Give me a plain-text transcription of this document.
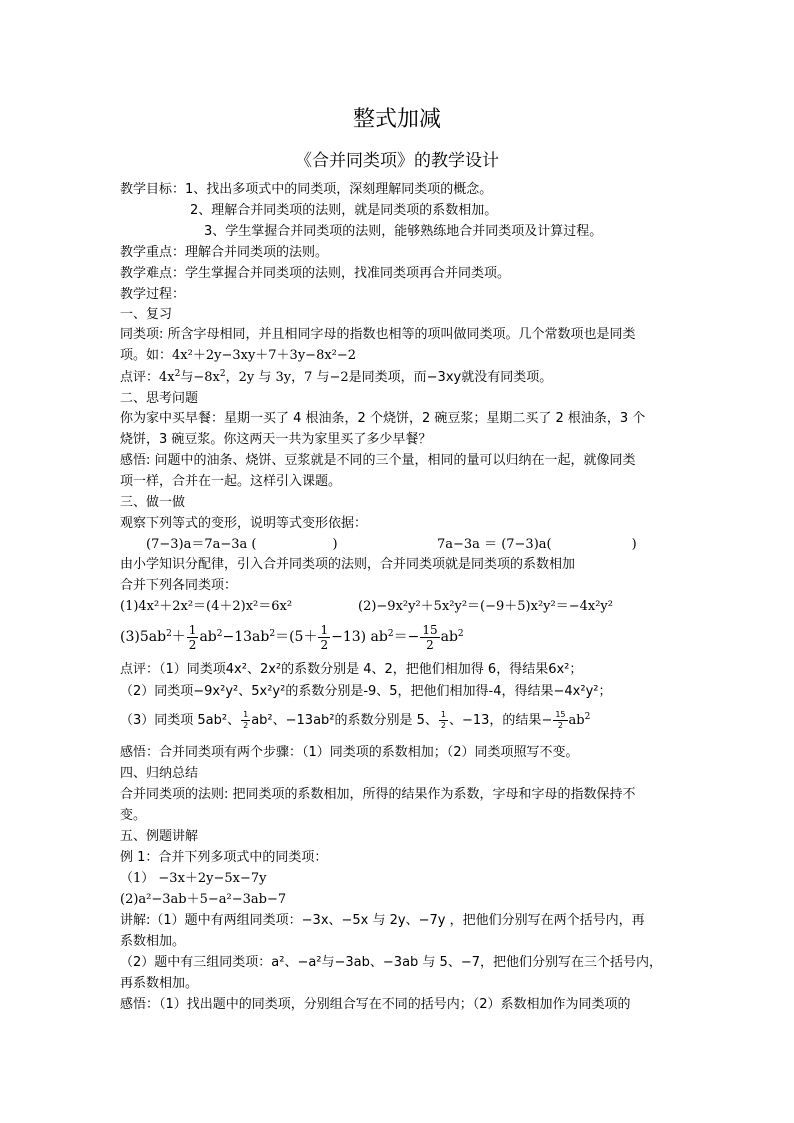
整式加减
《合并同类项》的教学设计
教学目标：1、找出多项式中的同类项，深刻理解同类项的概念。
2、理解合并同类项的法则，就是同类项的系数相加。
3、学生掌握合并同类项的法则，能够熟练地合并同类项及计算过程。
教学重点：理解合并同类项的法则。
教学难点：学生掌握合并同类项的法则，找准同类项再合并同类项。
教学过程：
一、复习
同类项: 所含字母相同，并且相同字母的指数也相等的项叫做同类项。几个常数项也是同类
项。如：4x²＋2y−3xy＋7＋3y−8x²−2
点评：$4x^2$与$-8x^2$，2y 与 3y，7 与−2是同类项，而−3xy就没有同类项。
二、思考问题
你为家中买早餐：星期一买了 4 根油条，2 个烧饼，2 碗豆浆；星期二买了 2 根油条，3 个
烧饼，3 碗豆浆。你这两天一共为家里买了多少早餐？
感悟: 问题中的油条、烧饼、豆浆就是不同的三个量，相同的量可以归纳在一起，就像同类
项一样，合并在一起。这样引入课题。
三、做一做
观察下列等式的变形，说明等式变形依据：
(7−3)a＝7a−3a (	)	7a−3a ＝ (7−3)a(	)
由小学知识分配律，引入合并同类项的法则，合并同类项就是同类项的系数相加
合并下列各同类项：
(1)4x²＋2x²＝(4＋2)x²＝6x²	(2)−9x²y²＋5x²y²＝(−9＋5)x²y²＝−4x²y²
$(3)5ab^2+ \frac{1}{2} ab^2-13ab^2=(5+ \frac{1}{2} -13)$ $ab^2=- \frac{15}{2} ab^2$
点评：（1）同类项4x²、2x²的系数分别是 4、2，把他们相加得 6，得结果6x²；
（2）同类项−9x²y²、5x²y²的系数分别是-9、5，把他们相加得-4，得结果−4x²y²；
（3）同类项 5ab²、 $\frac{1}{2} ab^2$、−13ab²的系数分别是 5、 $\frac{1}{2}$ 、−13，的结果− $\frac{15}{2} ab^2$
感悟：合并同类项有两个步骤：（1）同类项的系数相加；（2）同类项照写不变。
四、归纳总结
合并同类项的法则: 把同类项的系数相加，所得的结果作为系数，字母和字母的指数保持不
变。
五、例题讲解
例 1：合并下列多项式中的同类项：
（1） −3x＋2y−5x−7y
(2)a²−3ab＋5−a²−3ab−7
讲解:（1）题中有两组同类项：−3x、−5x 与 2y、−7y ，把他们分别写在两个括号内，再
系数相加。
（2）题中有三组同类项：a²、−a²与−3ab、−3ab 与 5、−7，把他们分别写在三个括号内，
再系数相加。
感悟：（1）找出题中的同类项，分别组合写在不同的括号内；（2）系数相加作为同类项的
